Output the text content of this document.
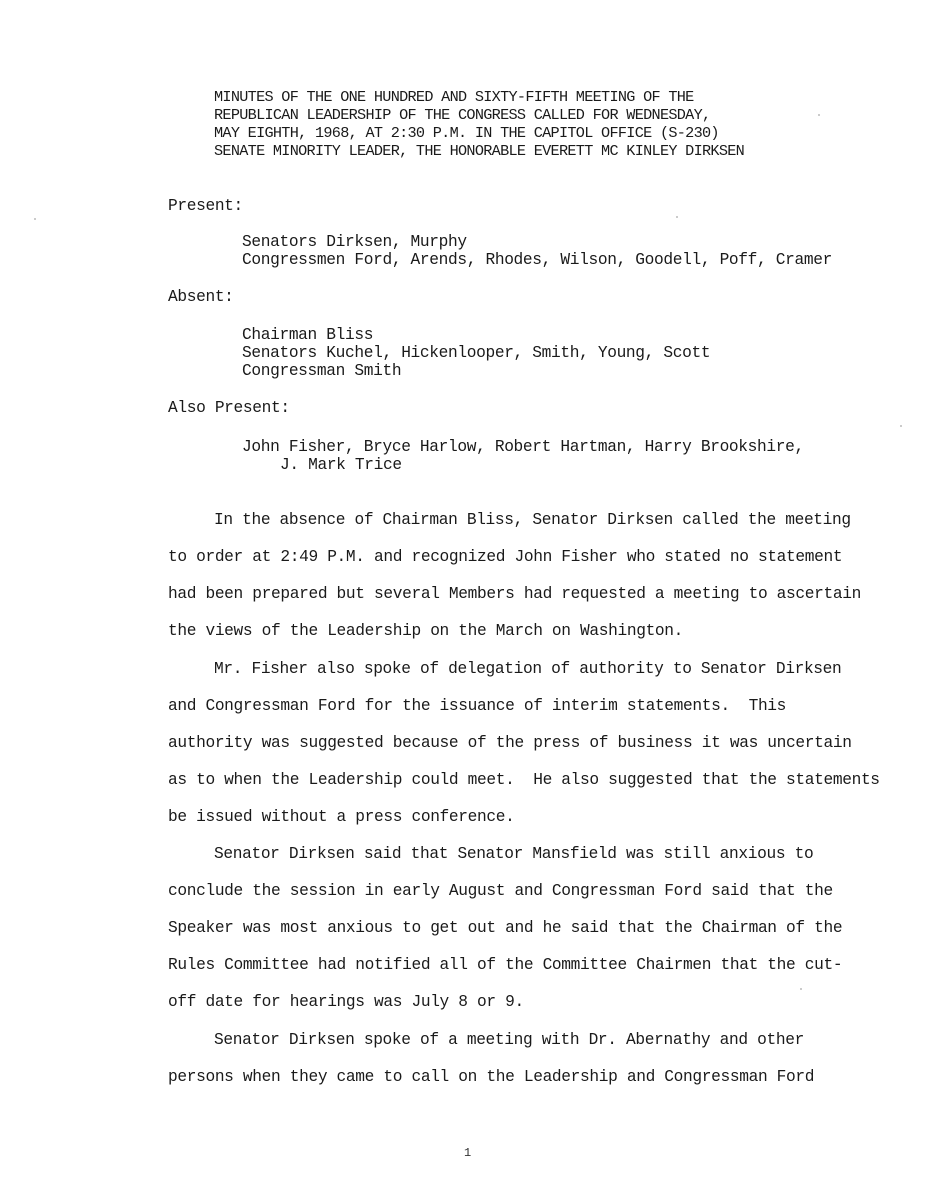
MINUTES OF THE ONE HUNDRED AND SIXTY-FIFTH MEETING OF THE
REPUBLICAN LEADERSHIP OF THE CONGRESS CALLED FOR WEDNESDAY,
MAY EIGHTH, 1968, AT 2:30 P.M. IN THE CAPITOL OFFICE (S-230)
SENATE MINORITY LEADER, THE HONORABLE EVERETT MC KINLEY DIRKSEN
Present:
Senators Dirksen, Murphy
Congressmen Ford, Arends, Rhodes, Wilson, Goodell, Poff, Cramer
Absent:
Chairman Bliss
Senators Kuchel, Hickenlooper, Smith, Young, Scott
Congressman Smith
Also Present:
John Fisher, Bryce Harlow, Robert Hartman, Harry Brookshire,
J. Mark Trice
In the absence of Chairman Bliss, Senator Dirksen called the meeting
to order at 2:49 P.M. and recognized John Fisher who stated no statement
had been prepared but several Members had requested a meeting to ascertain
the views of the Leadership on the March on Washington.
Mr. Fisher also spoke of delegation of authority to Senator Dirksen
and Congressman Ford for the issuance of interim statements.  This
authority was suggested because of the press of business it was uncertain
as to when the Leadership could meet.  He also suggested that the statements
be issued without a press conference.
Senator Dirksen said that Senator Mansfield was still anxious to
conclude the session in early August and Congressman Ford said that the
Speaker was most anxious to get out and he said that the Chairman of the
Rules Committee had notified all of the Committee Chairmen that the cut-
off date for hearings was July 8 or 9.
Senator Dirksen spoke of a meeting with Dr. Abernathy and other
persons when they came to call on the Leadership and Congressman Ford
1
